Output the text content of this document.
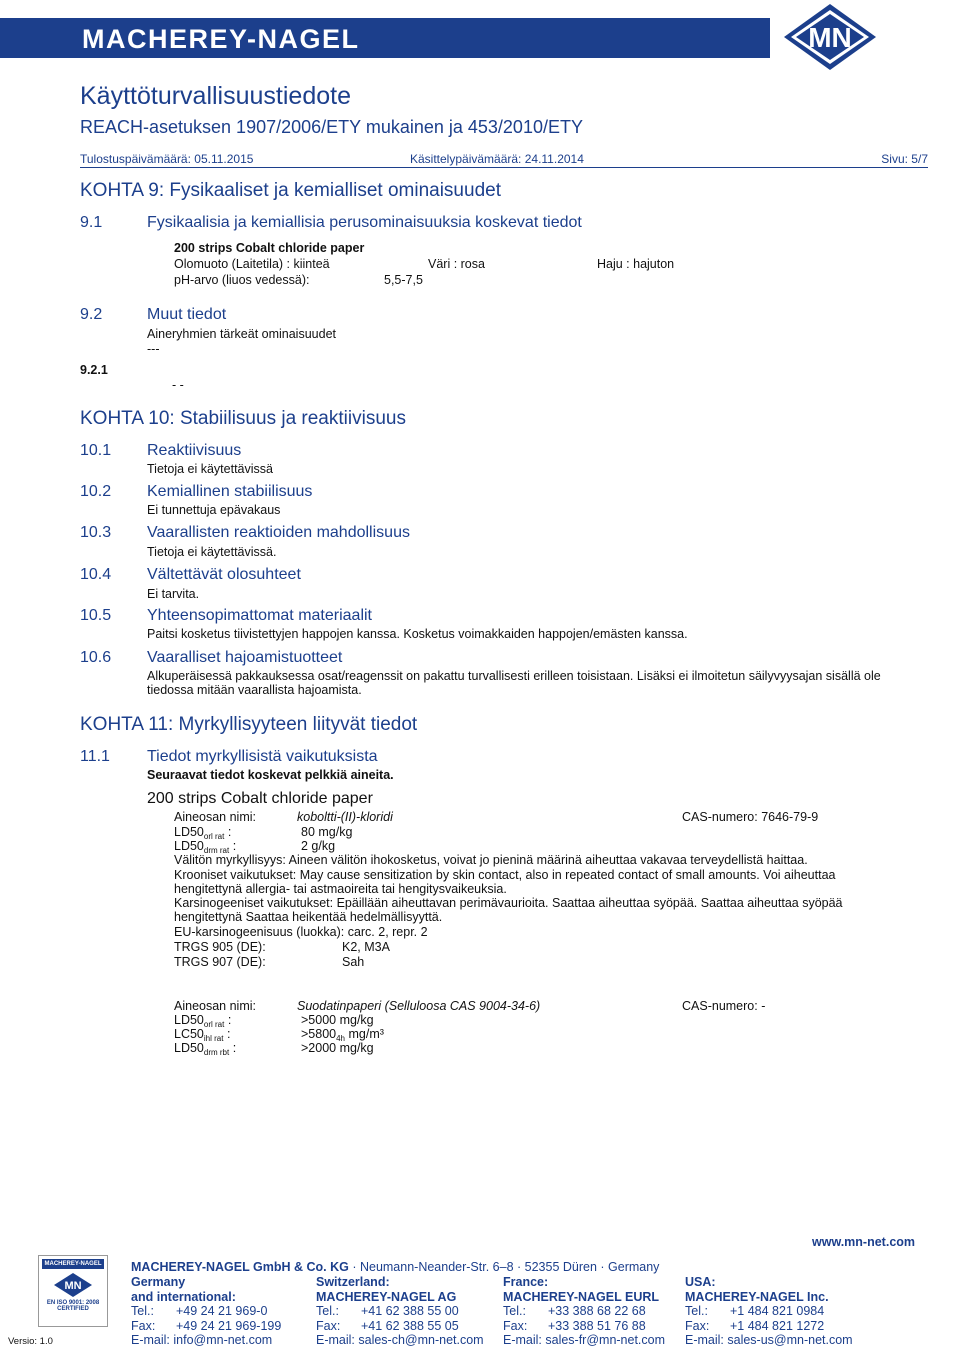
MACHEREY-NAGEL	MN
Käyttöturvallisuustiedote
REACH-asetuksen 1907/2006/ETY mukainen ja 453/2010/ETY
Tulostuspäivämäärä: 05.11.2015	Käsittelypäivämäärä: 24.11.2014	Sivu: 5/7
KOHTA 9: Fysikaaliset ja kemialliset ominaisuudet
9.1	Fysikaalisia ja kemiallisia perusominaisuuksia koskevat tiedot
200 strips Cobalt chloride paper
Olomuoto (Laitetila) : kiinteä	Väri : rosa	Haju : hajuton
pH-arvo (liuos vedessä):	5,5-7,5
9.2	Muut tiedot
Aineryhmien tärkeät ominaisuudet
---
9.2.1
- -
KOHTA 10: Stabiilisuus ja reaktiivisuus
10.1 Reaktiivisuus
Tietoja ei käytettävissä
10.2 Kemiallinen stabiilisuus
Ei tunnettuja epävakaus
10.3 Vaarallisten reaktioiden mahdollisuus
Tietoja ei käytettävissä.
10.4 Vältettävät olosuhteet
Ei tarvita.
10.5 Yhteensopimattomat materiaalit
Paitsi kosketus tiivistettyjen happojen kanssa. Kosketus voimakkaiden happojen/emästen kanssa.
10.6 Vaaralliset hajoamistuotteet
Alkuperäisessä pakkauksessa osat/reagenssit on pakattu turvallisesti erilleen toisistaan. Lisäksi ei ilmoitetun säilyvyysajan sisällä ole tiedossa mitään vaarallista hajoamista.
KOHTA 11: Myrkyllisyyteen liityvät tiedot
11.1 Tiedot myrkyllisistä vaikutuksista
Seuraavat tiedot koskevat pelkkiä aineita.
200 strips Cobalt chloride paper
Aineosan nimi:	koboltti-(II)-kloridi	CAS-numero: 7646-79-9
$LD50_{orl rat}$ :	80 mg/kg
$LD50_{drm rat}$ :	2 g/kg
Välitön myrkyllisyys: Aineen välitön ihokosketus, voivat jo pieninä määrinä aiheuttaa vakavaa terveydellistä haittaa.
Krooniset vaikutukset: May cause sensitization by skin contact, also in repeated contact of small amounts. Voi aiheuttaa hengitettynä allergia- tai astmaoireita tai hengitysvaikeuksia.
Karsinogeeniset vaikutukset: Epäillään aiheuttavan perimävaurioita. Saattaa aiheuttaa syöpää. Saattaa aiheuttaa syöpää hengitettynä Saattaa heikentää hedelmällisyyttä.
EU-karsinogeenisuus (luokka): carc. 2, repr. 2
TRGS 905 (DE):	K2, M3A
TRGS 907 (DE):	Sah
Aineosan nimi:	Suodatinpaperi (Selluloosa CAS 9004-34-6)	CAS-numero: -
$LD50_{orl rat}$ :	>5000 mg/kg
$LC50_{ihl rat}$ :	$>5800_{4h}$ mg/m³
$LD50_{drm rbt}$ :	>2000 mg/kg
MACHEREY-NAGEL
MN
EN ISO 9001: 2008
CERTIFIED
Versio: 1.0
www.mn-net.com
MACHEREY-NAGEL GmbH & Co. KG · Neumann-Neander-Str. 6–8 · 52355 Düren · Germany
Germany
and international:
Tel.:	+49 24 21 969-0
Fax:	+49 24 21 969-199
E-mail: info@mn-net.com
Switzerland:
MACHEREY-NAGEL AG
Tel.:	+41 62 388 55 00
Fax:	+41 62 388 55 05
E-mail: sales-ch@mn-net.com
France:
MACHEREY-NAGEL EURL
Tel.:	+33 388 68 22 68
Fax:	+33 388 51 76 88
E-mail: sales-fr@mn-net.com
USA:
MACHEREY-NAGEL Inc.
Tel.:	+1 484 821 0984
Fax:	+1 484 821 1272
E-mail: sales-us@mn-net.com
